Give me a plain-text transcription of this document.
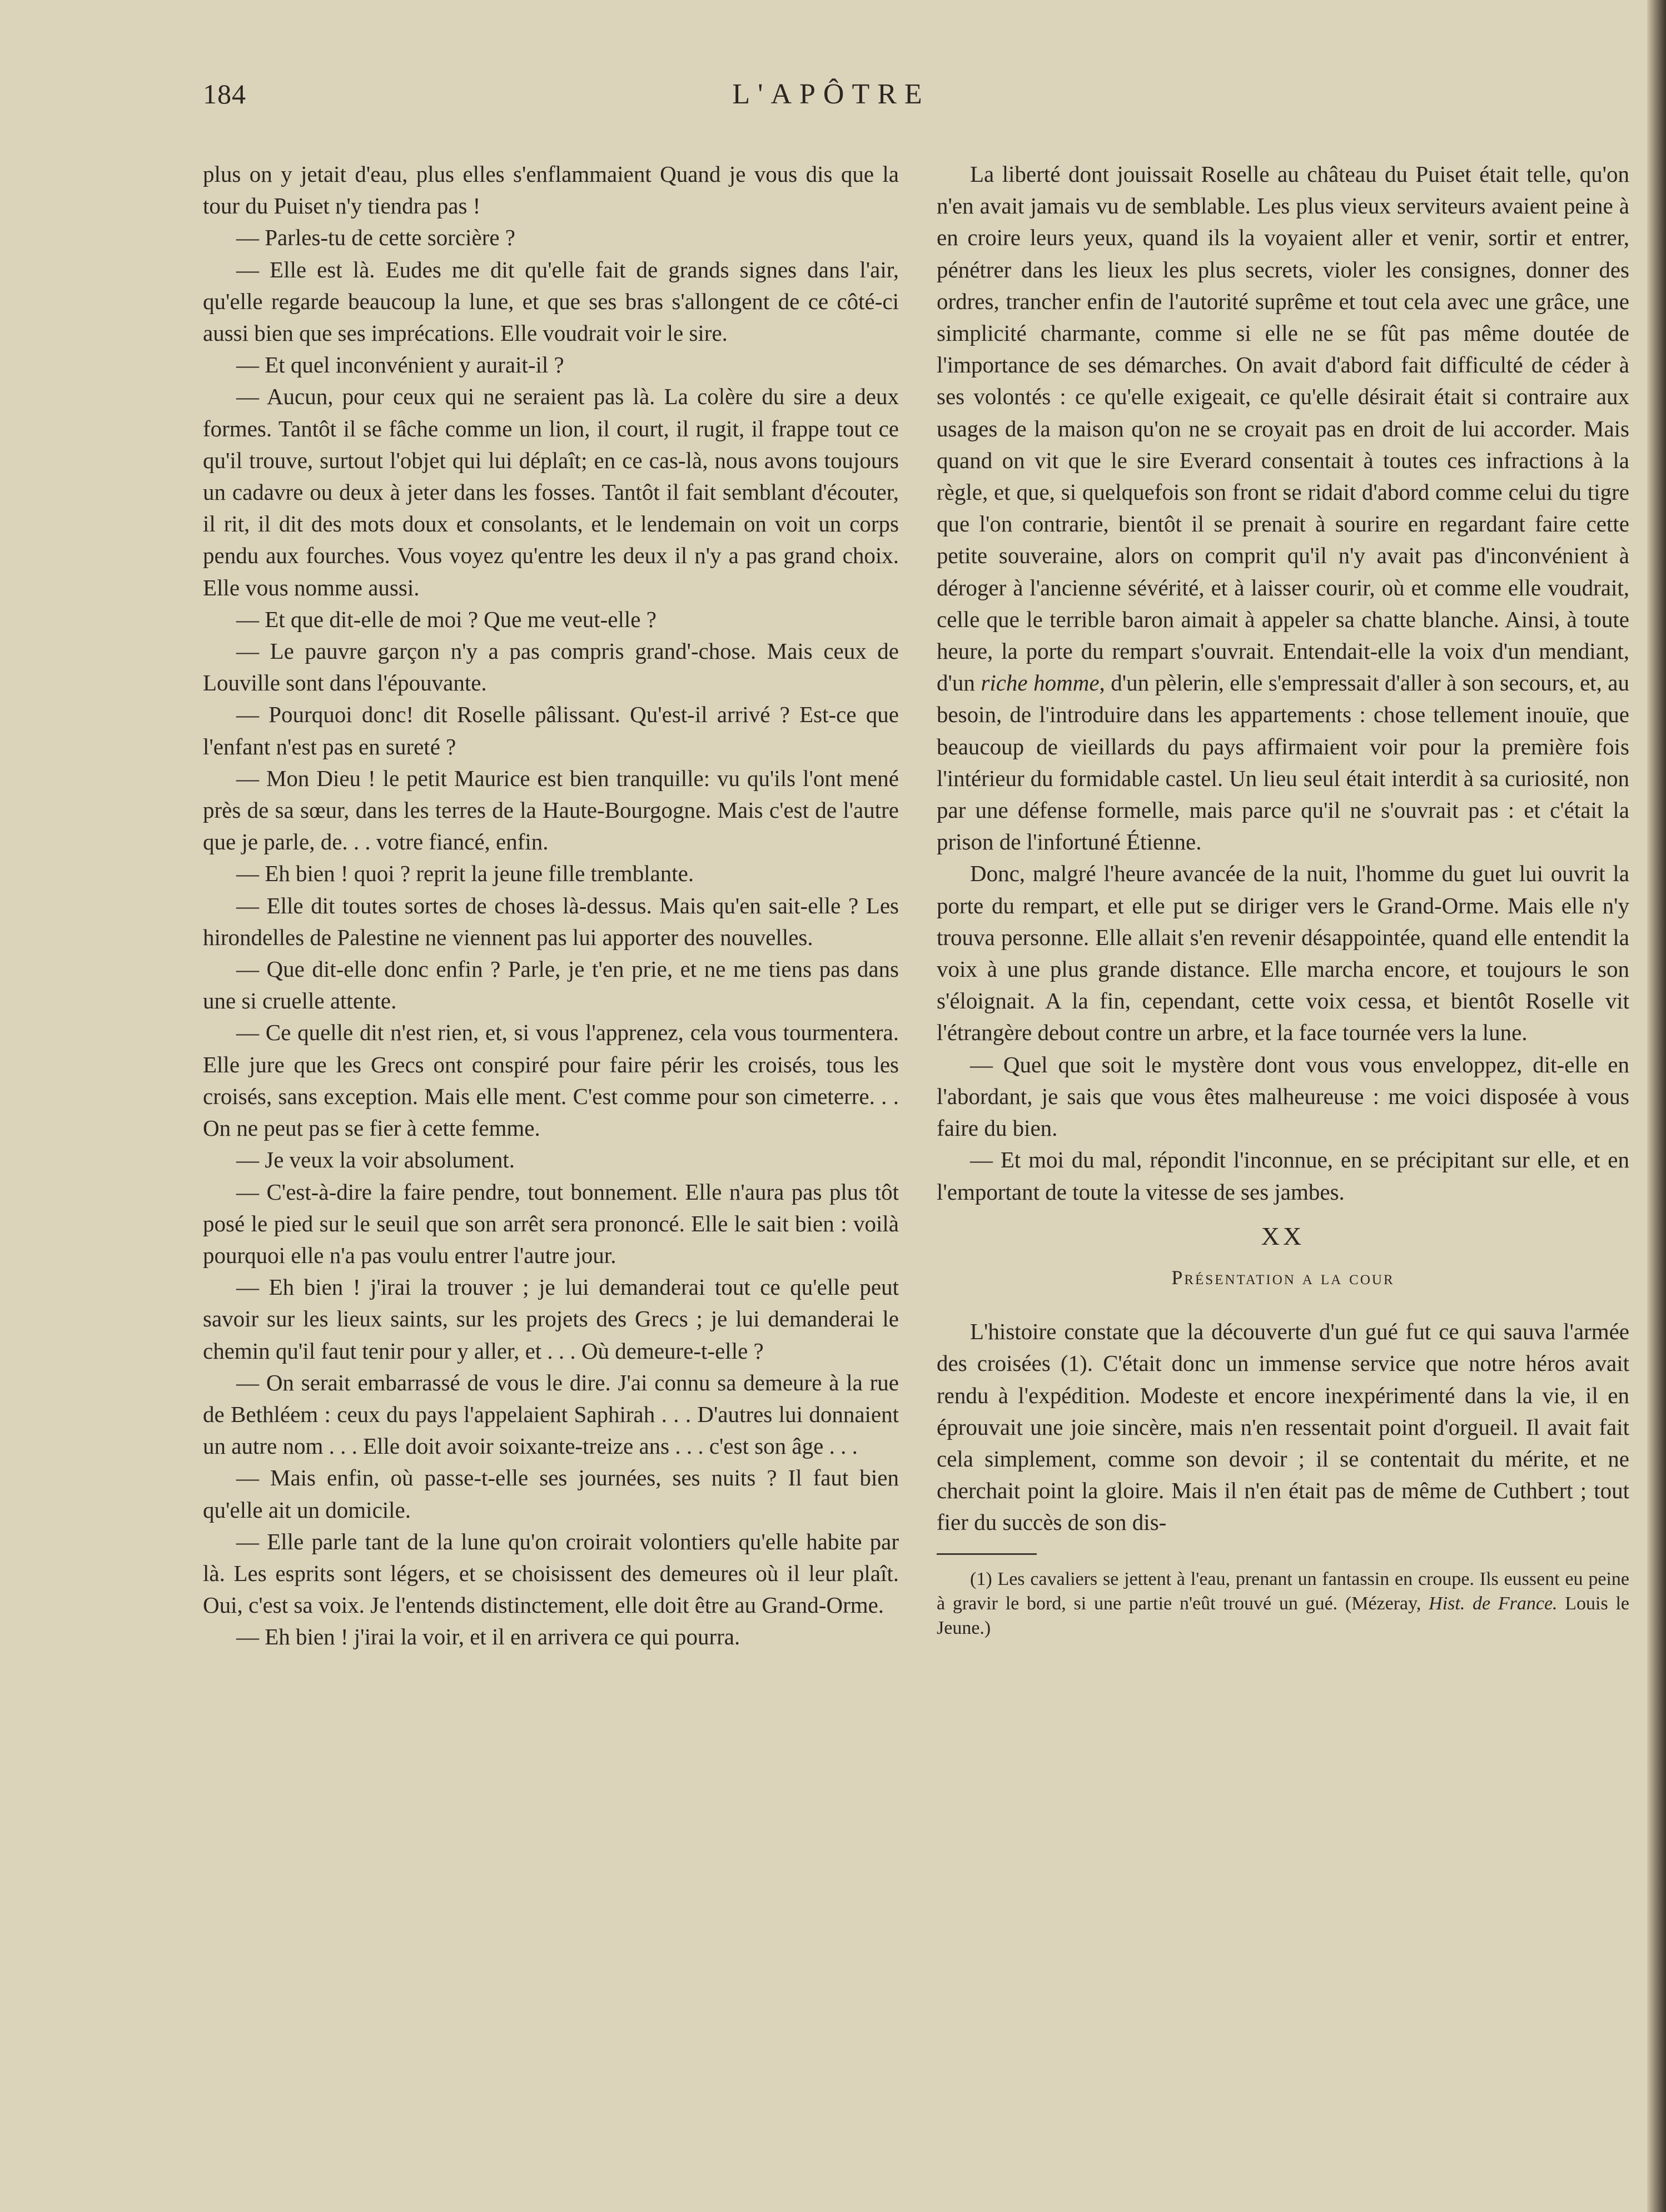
184	L'APÔTRE

plus on y jetait d'eau, plus elles s'enflammaient Quand je vous dis que la tour du Puiset n'y tiendra pas !

— Parles-tu de cette sorcière ?

— Elle est là. Eudes me dit qu'elle fait de grands signes dans l'air, qu'elle regarde beaucoup la lune, et que ses bras s'allongent de ce côté-ci aussi bien que ses imprécations. Elle voudrait voir le sire.

— Et quel inconvénient y aurait-il ?

— Aucun, pour ceux qui ne seraient pas là. La colère du sire a deux formes. Tantôt il se fâche comme un lion, il court, il rugit, il frappe tout ce qu'il trouve, surtout l'objet qui lui déplaît; en ce cas-là, nous avons toujours un cadavre ou deux à jeter dans les fosses. Tantôt il fait semblant d'écouter, il rit, il dit des mots doux et consolants, et le lendemain on voit un corps pendu aux fourches. Vous voyez qu'entre les deux il n'y a pas grand choix. Elle vous nomme aussi.

— Et que dit-elle de moi ? Que me veut-elle ?

— Le pauvre garçon n'y a pas compris grand'-chose. Mais ceux de Louville sont dans l'épouvante.

— Pourquoi donc! dit Roselle pâlissant. Qu'est-il arrivé ? Est-ce que l'enfant n'est pas en sureté ?

— Mon Dieu ! le petit Maurice est bien tranquille: vu qu'ils l'ont mené près de sa sœur, dans les terres de la Haute-Bourgogne. Mais c'est de l'autre que je parle, de. . . votre fiancé, enfin.

— Eh bien ! quoi ? reprit la jeune fille tremblante.

— Elle dit toutes sortes de choses là-dessus. Mais qu'en sait-elle ? Les hirondelles de Palestine ne viennent pas lui apporter des nouvelles.

— Que dit-elle donc enfin ? Parle, je t'en prie, et ne me tiens pas dans une si cruelle attente.

— Ce quelle dit n'est rien, et, si vous l'apprenez, cela vous tourmentera. Elle jure que les Grecs ont conspiré pour faire périr les croisés, tous les croisés, sans exception. Mais elle ment. C'est comme pour son cimeterre. . . On ne peut pas se fier à cette femme.

— Je veux la voir absolument.

— C'est-à-dire la faire pendre, tout bonnement. Elle n'aura pas plus tôt posé le pied sur le seuil que son arrêt sera prononcé. Elle le sait bien : voilà pourquoi elle n'a pas voulu entrer l'autre jour.

— Eh bien ! j'irai la trouver ; je lui demanderai tout ce qu'elle peut savoir sur les lieux saints, sur les projets des Grecs ; je lui demanderai le chemin qu'il faut tenir pour y aller, et . . . Où demeure-t-elle ?

— On serait embarrassé de vous le dire. J'ai connu sa demeure à la rue de Bethléem : ceux du pays l'appelaient Saphirah . . . D'autres lui donnaient un autre nom . . . Elle doit avoir soixante-treize ans . . . c'est son âge . . .

— Mais enfin, où passe-t-elle ses journées, ses nuits ? Il faut bien qu'elle ait un domicile.

— Elle parle tant de la lune qu'on croirait volontiers qu'elle habite par là. Les esprits sont légers, et se choisissent des demeures où il leur plaît. Oui, c'est sa voix. Je l'entends distinctement, elle doit être au Grand-Orme.

— Eh bien ! j'irai la voir, et il en arrivera ce qui pourra.

La liberté dont jouissait Roselle au château du Puiset était telle, qu'on n'en avait jamais vu de semblable. Les plus vieux serviteurs avaient peine à en croire leurs yeux, quand ils la voyaient aller et venir, sortir et entrer, pénétrer dans les lieux les plus secrets, violer les consignes, donner des ordres, trancher enfin de l'autorité suprême et tout cela avec une grâce, une simplicité charmante, comme si elle ne se fût pas même doutée de l'importance de ses démarches. On avait d'abord fait difficulté de céder à ses volontés : ce qu'elle exigeait, ce qu'elle désirait était si contraire aux usages de la maison qu'on ne se croyait pas en droit de lui accorder. Mais quand on vit que le sire Everard consentait à toutes ces infractions à la règle, et que, si quelquefois son front se ridait d'abord comme celui du tigre que l'on contrarie, bientôt il se prenait à sourire en regardant faire cette petite souveraine, alors on comprit qu'il n'y avait pas d'inconvénient à déroger à l'ancienne sévérité, et à laisser courir, où et comme elle voudrait, celle que le terrible baron aimait à appeler sa chatte blanche. Ainsi, à toute heure, la porte du rempart s'ouvrait. Entendait-elle la voix d'un mendiant, d'un riche homme, d'un pèlerin, elle s'empressait d'aller à son secours, et, au besoin, de l'introduire dans les appartements : chose tellement inouïe, que beaucoup de vieillards du pays affirmaient voir pour la première fois l'intérieur du formidable castel. Un lieu seul était interdit à sa curiosité, non par une défense formelle, mais parce qu'il ne s'ouvrait pas : et c'était la prison de l'infortuné Étienne.

Donc, malgré l'heure avancée de la nuit, l'homme du guet lui ouvrit la porte du rempart, et elle put se diriger vers le Grand-Orme. Mais elle n'y trouva personne. Elle allait s'en revenir désappointée, quand elle entendit la voix à une plus grande distance. Elle marcha encore, et toujours le son s'éloignait. A la fin, cependant, cette voix cessa, et bientôt Roselle vit l'étrangère debout contre un arbre, et la face tournée vers la lune.

— Quel que soit le mystère dont vous vous enveloppez, dit-elle en l'abordant, je sais que vous êtes malheureuse : me voici disposée à vous faire du bien.

— Et moi du mal, répondit l'inconnue, en se précipitant sur elle, et en l'emportant de toute la vitesse de ses jambes.

XX

Présentation a la cour

L'histoire constate que la découverte d'un gué fut ce qui sauva l'armée des croisées (1). C'était donc un immense service que notre héros avait rendu à l'expédition. Modeste et encore inexpérimenté dans la vie, il en éprouvait une joie sincère, mais n'en ressentait point d'orgueil. Il avait fait cela simplement, comme son devoir ; il se contentait du mérite, et ne cherchait point la gloire. Mais il n'en était pas de même de Cuthbert ; tout fier du succès de son dis-

(1) Les cavaliers se jettent à l'eau, prenant un fantassin en croupe. Ils eussent eu peine à gravir le bord, si une partie n'eût trouvé un gué. (Mézeray, Hist. de France. Louis le Jeune.)
